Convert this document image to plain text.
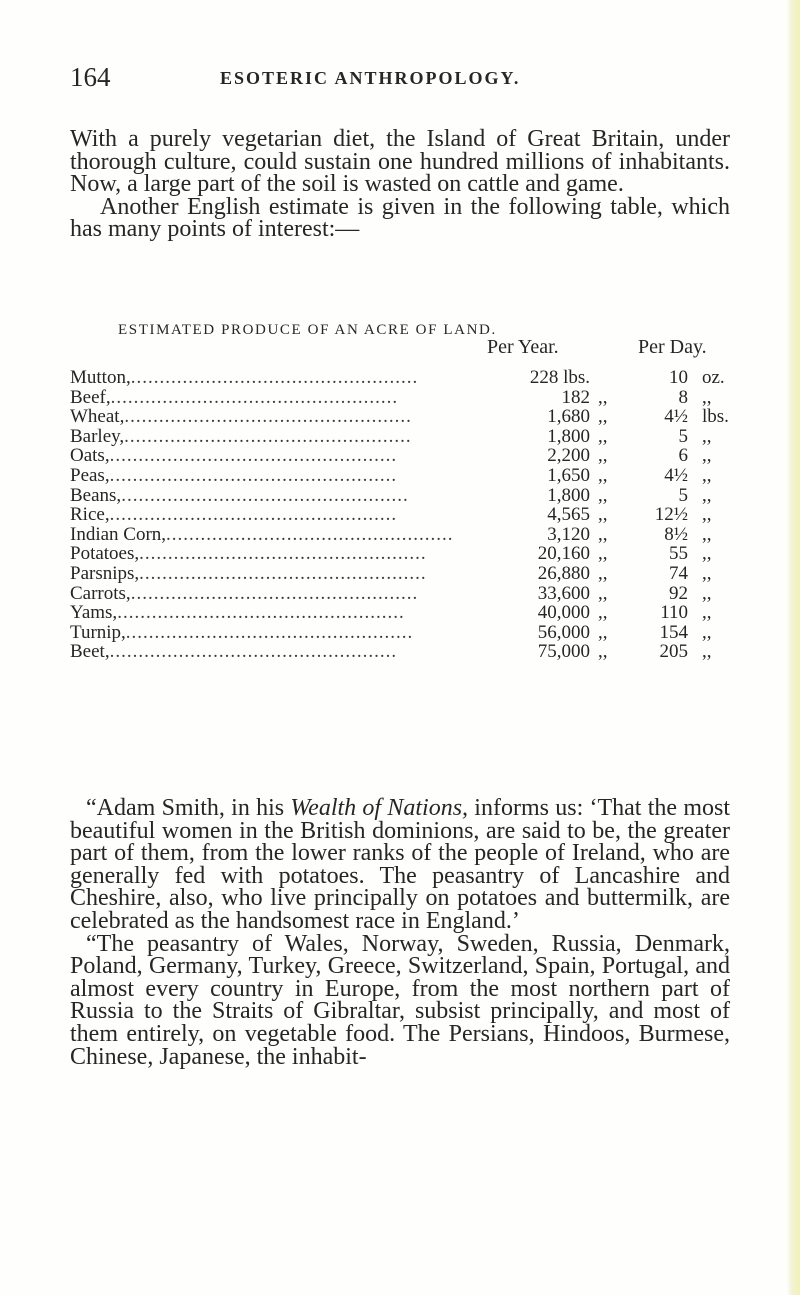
164	ESOTERIC ANTHROPOLOGY.

With a purely vegetarian diet, the Island of Great Britain, under thorough culture, could sustain one hundred millions of inhabitants. Now, a large part of the soil is wasted on cattle and game.

Another English estimate is given in the following table, which has many points of interest:—

ESTIMATED PRODUCE OF AN ACRE OF LAND.
Per Year.	Per Day.
Mutton,..................................................	228 lbs.	10 oz.
Beef,..................................................	182 ,,	8 ,,
Wheat,..................................................	1,680 ,,	4½ lbs.
Barley,..................................................	1,800 ,,	5 ,,
Oats,..................................................	2,200 ,,	6 ,,
Peas,..................................................	1,650 ,,	4½ ,,
Beans,..................................................	1,800 ,,	5 ,,
Rice,..................................................	4,565 ,,	12½ ,,
Indian Corn,..................................................	3,120 ,,	8½ ,,
Potatoes,..................................................	20,160 ,,	55 ,,
Parsnips,..................................................	26,880 ,,	74 ,,
Carrots,..................................................	33,600 ,,	92 ,,
Yams,..................................................	40,000 ,,	110 ,,
Turnip,..................................................	56,000 ,,	154 ,,
Beet,..................................................	75,000 ,,	205 ,,

“Adam Smith, in his Wealth of Nations, informs us: ‘That the most beautiful women in the British dominions, are said to be, the greater part of them, from the lower ranks of the people of Ireland, who are generally fed with potatoes. The peasantry of Lancashire and Cheshire, also, who live principally on potatoes and buttermilk, are celebrated as the handsomest race in England.’

“The peasantry of Wales, Norway, Sweden, Russia, Denmark, Poland, Germany, Turkey, Greece, Switzerland, Spain, Portugal, and almost every country in Europe, from the most northern part of Russia to the Straits of Gibraltar, subsist principally, and most of them entirely, on vegetable food. The Persians, Hindoos, Burmese, Chinese, Japanese, the inhabit-
